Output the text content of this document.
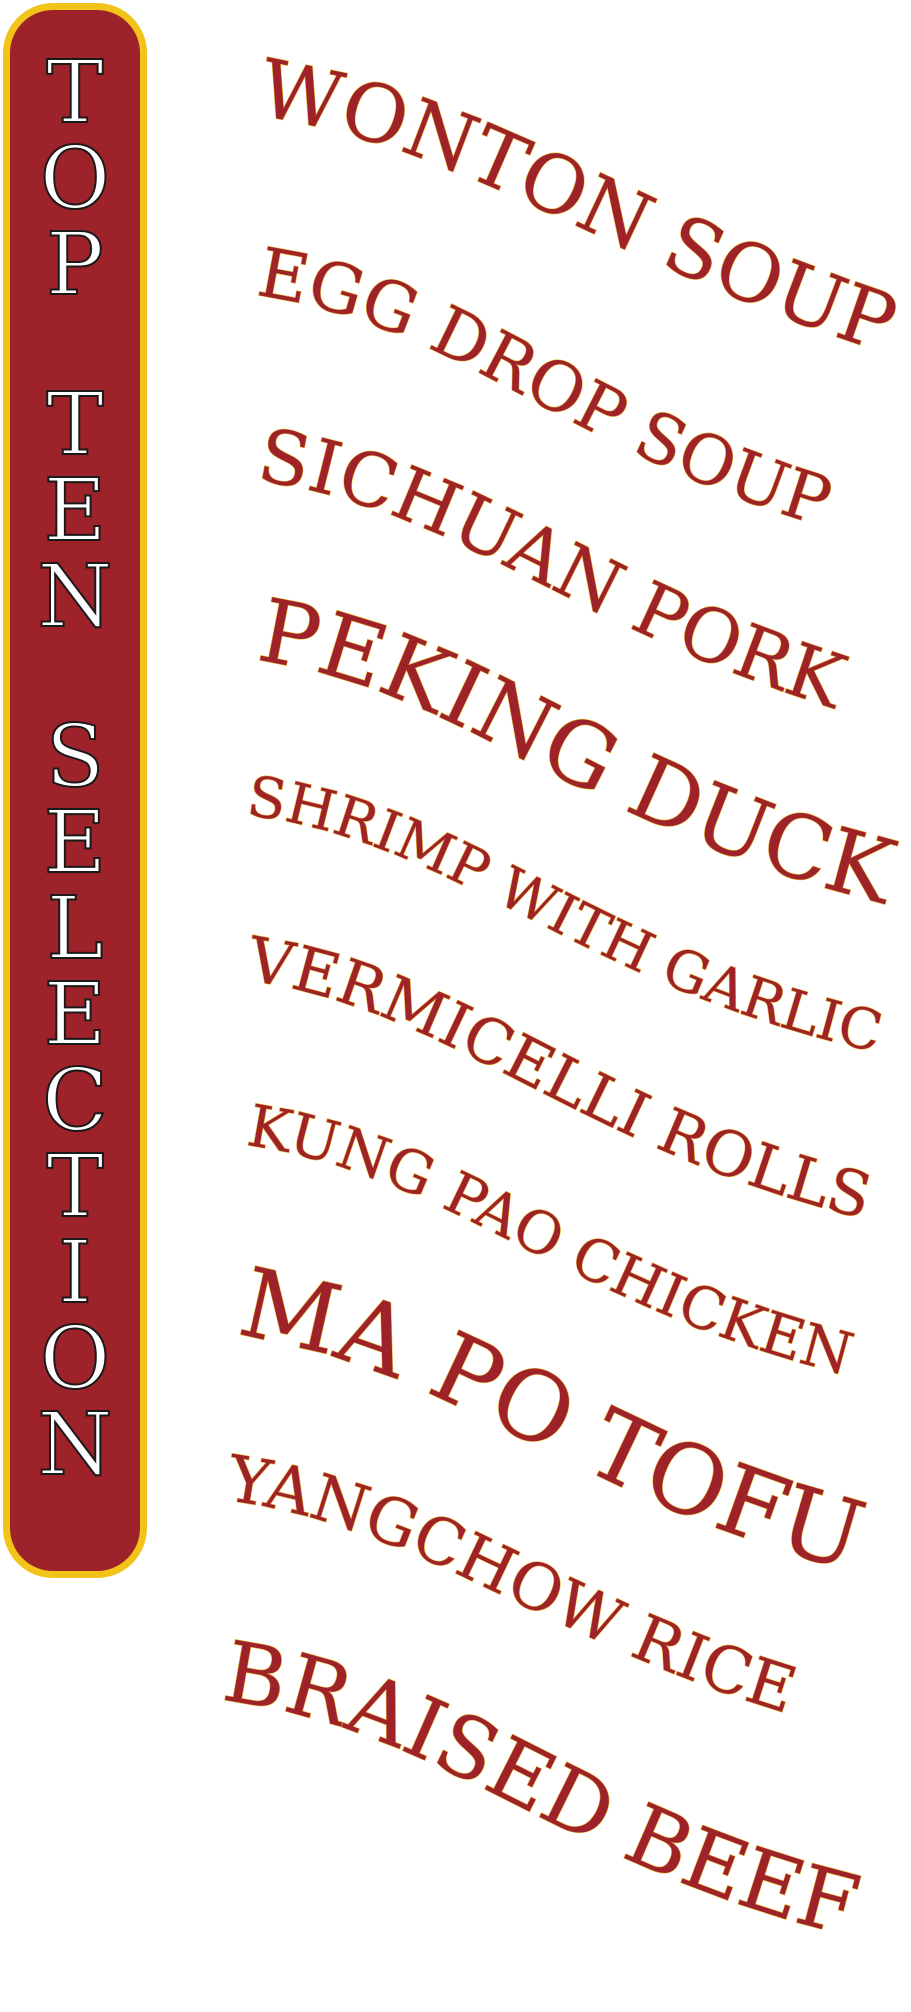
T
O
P
T
E
N
S
E
L
E
C
T
I
O
N
WONTON SOUP
EGG DROP SOUP
SICHUAN PORK
PEKING DUCK
SHRIMP WITH GARLIC
VERMICELLI ROLLS
KUNG PAO CHICKEN
MA PO TOFU
YANGCHOW RICE
BRAISED BEEF
